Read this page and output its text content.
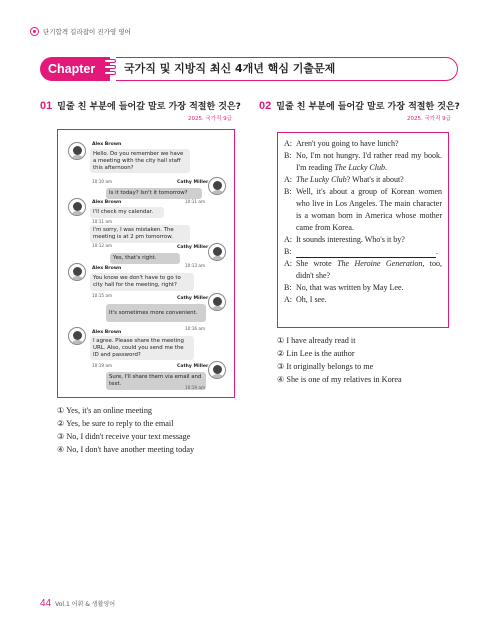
단기합격 길라잡이 진가영 영어
Chapter 01
국가직 및 지방직 최신 4개년 핵심 기출문제
01 밑줄 친 부분에 들어갈 말로 가장 적절한 것은?
2025. 국가직 9급
Alex Brown
Hello. Do you remember we have a meeting with the city hall staff this afternoon?
10:10 am	Cathy Miller
Is it today? Isn't it tomorrow?
10:11 am
Alex Brown
I'll check my calendar.
10:11 am
I'm sorry, I was mistaken. The meeting is at 2 pm tomorrow.
10:12 am	Cathy Miller
Yes, that's right.
10:13 am
Alex Brown
You know we don't have to go to city hall for the meeting, right?
10:15 am
Cathy Miller
It's sometimes more convenient.
10:16 am
Alex Brown
I agree. Please share the meeting URL. Also, could you send me the ID and password?
10:19 am	Cathy Miller
Sure, I'll share them via email and text.
10:19 am
① Yes, it's an online meeting
② Yes, be sure to reply to the email
③ No, I didn't receive your text message
④ No, I don't have another meeting today
02 밑줄 친 부분에 들어갈 말로 가장 적절한 것은?
2025. 국가직 9급
A: Aren't you going to have lunch?
B: No, I'm not hungry. I'd rather read my book. I'm reading The Lucky Club.
A: The Lucky Club? What's it about?
B: Well, it's about a group of Korean women who live in Los Angeles. The main character is a woman born in America whose mother came from Korea.
A: It sounds interesting. Who's it by?
B:	.
A: She wrote The Heroine Generation, too, didn't she?
B: No, that was written by May Lee.
A: Oh, I see.
① I have already read it
② Lin Lee is the author
③ It originally belongs to me
④ She is one of my relatives in Korea
44 Vol.1 어휘 & 생활영어
